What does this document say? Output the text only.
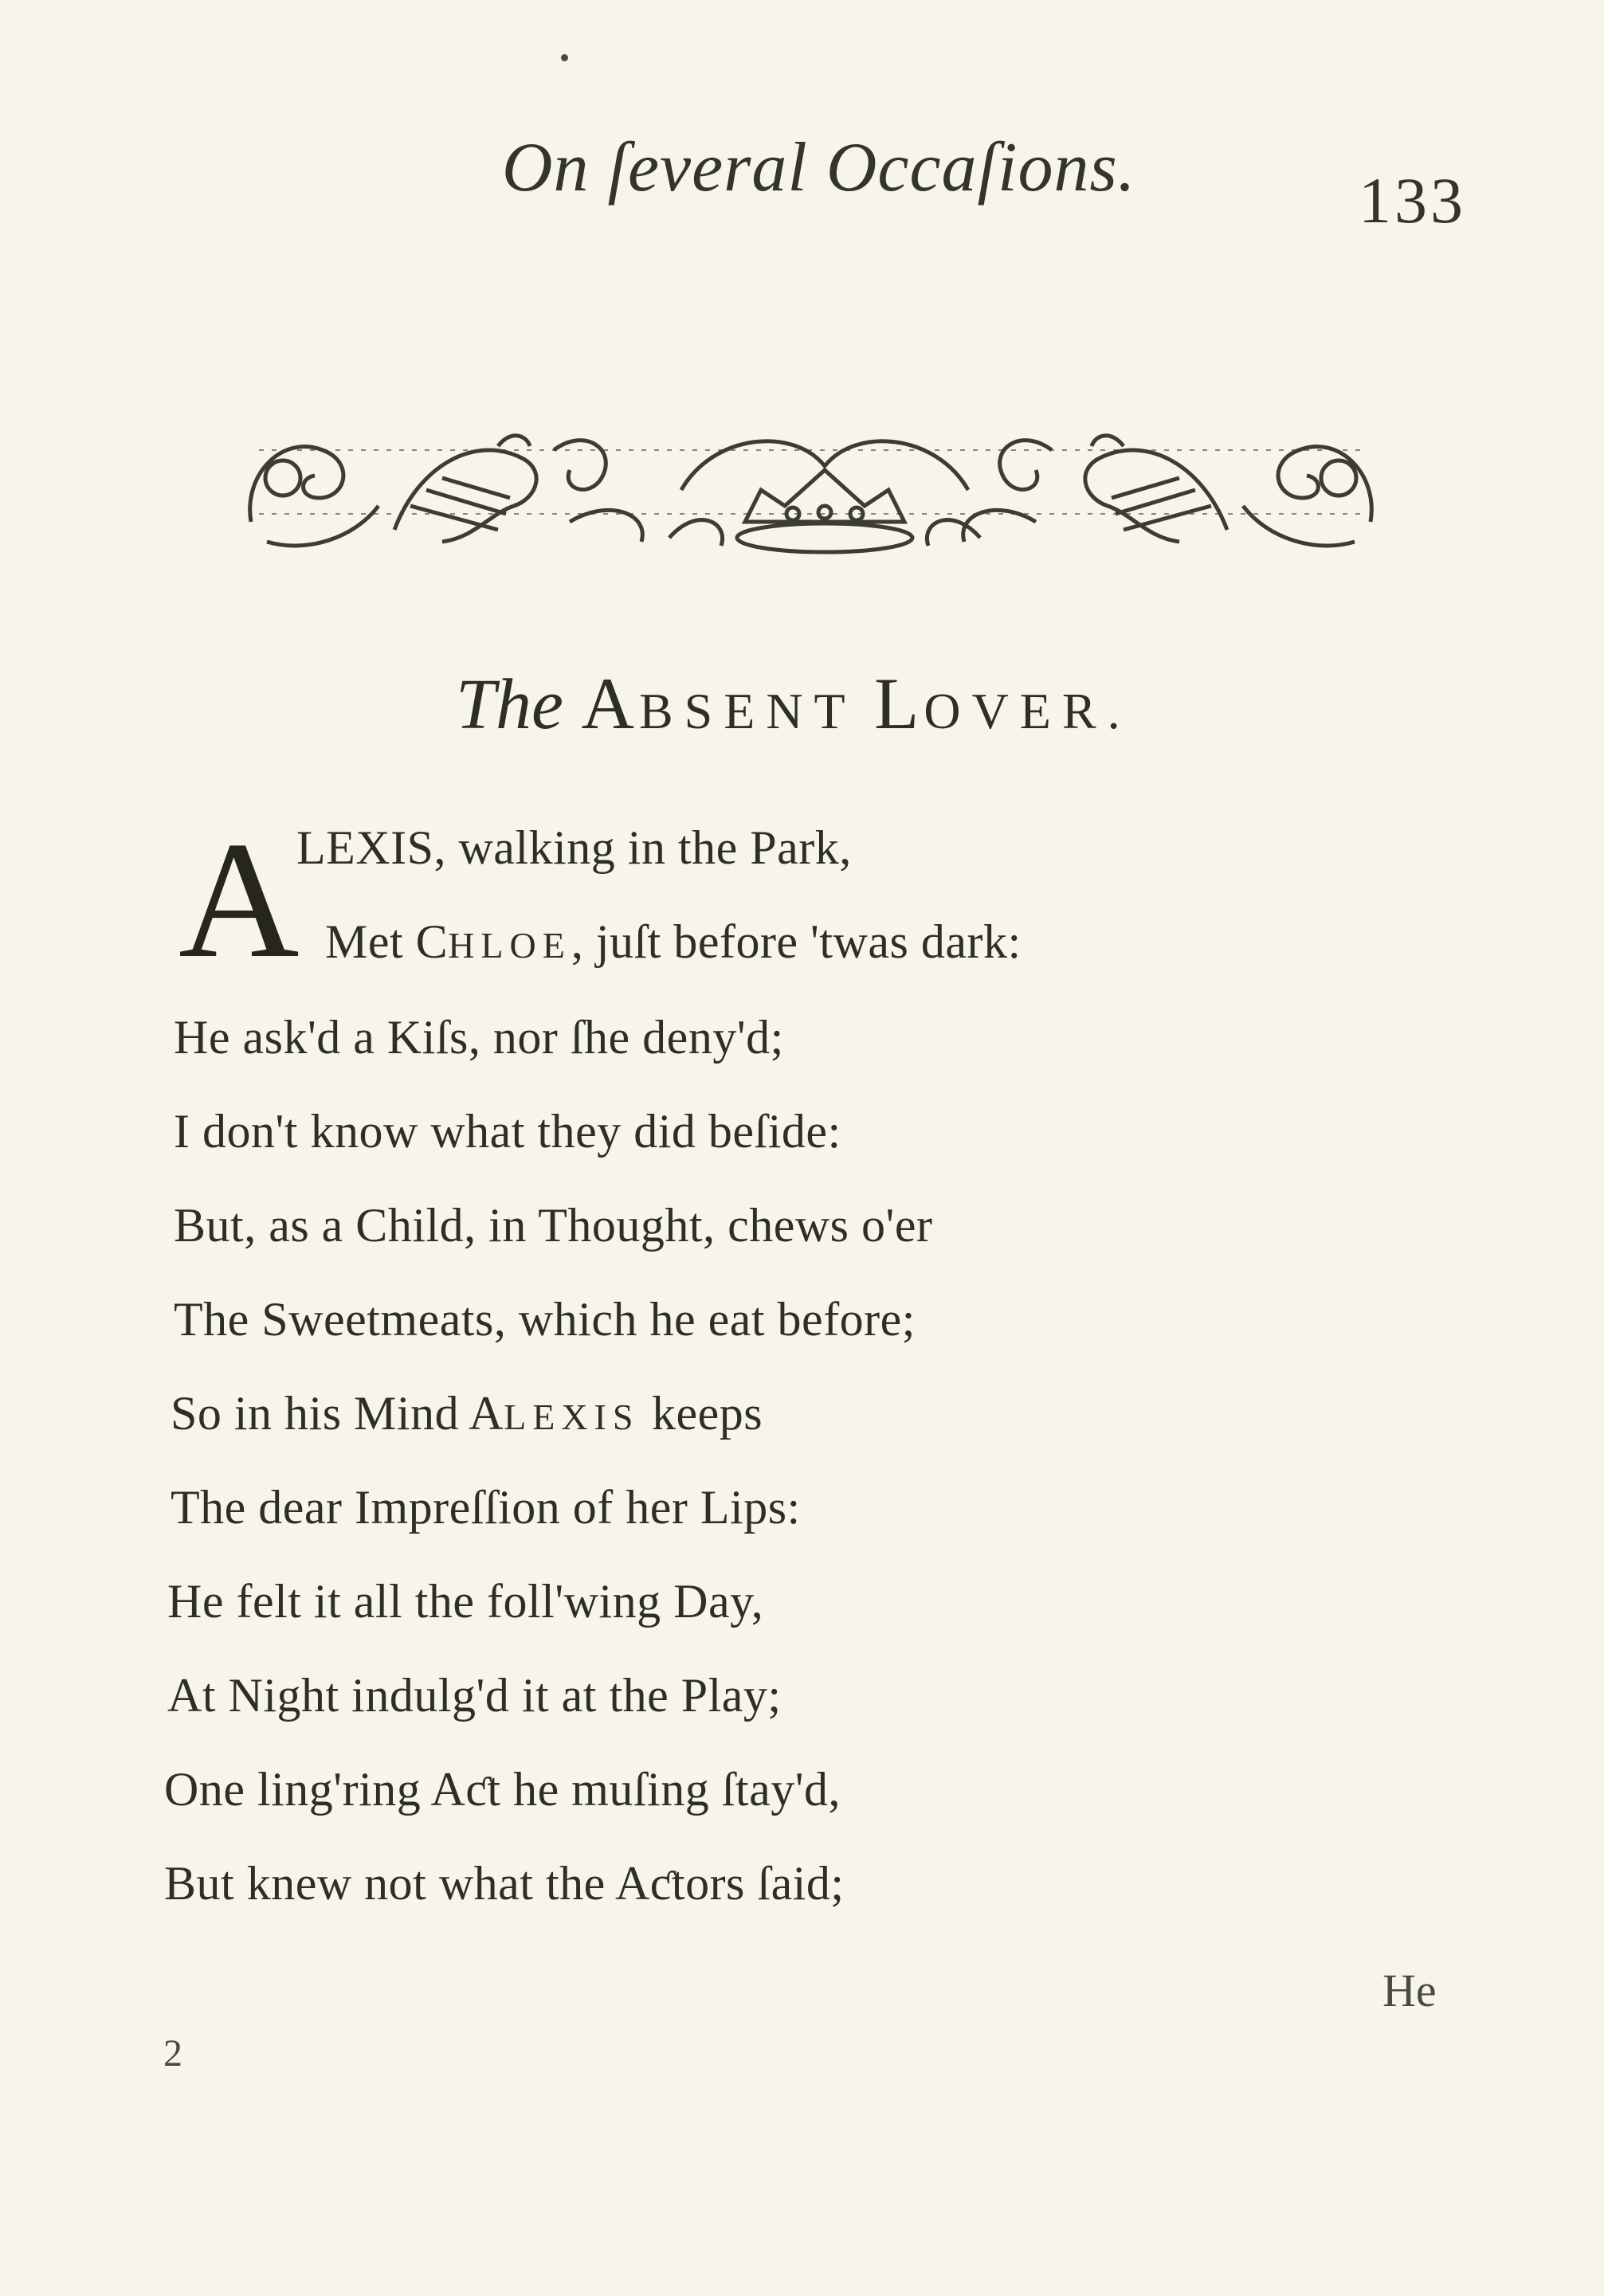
On ſeveral Occaſions.	133
The ABSENT LOVER.
A
LEXIS, walking in the Park,
Met CHLOE, juſt before 'twas dark:
He ask'd a Kiſs, nor ſhe deny'd;
I don't know what they did beſide:
But, as a Child, in Thought, chews o'er
The Sweetmeats, which he eat before;
So in his Mind ALEXIS keeps
The dear Impreſſion of her Lips:
He felt it all the foll'wing Day,
At Night indulg'd it at the Play;
One ling'ring Aƈt he muſing ſtay'd,
But knew not what the Aƈtors ſaid;
He
2
